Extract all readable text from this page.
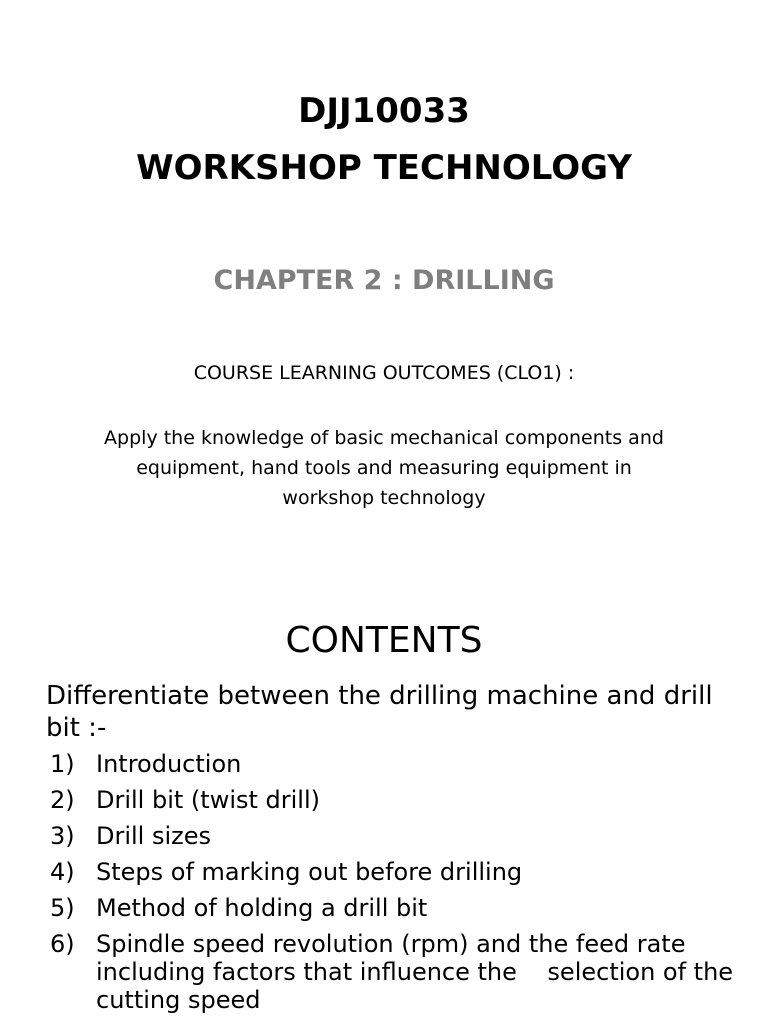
DJJ10033
WORKSHOP TECHNOLOGY
CHAPTER 2 : DRILLING
COURSE LEARNING OUTCOMES (CLO1) :
Apply the knowledge of basic mechanical components and equipment, hand tools and measuring equipment in workshop technology
CONTENTS
Differentiate between the drilling machine and drill bit :-
1) Introduction
2) Drill bit (twist drill)
3) Drill sizes
4) Steps of marking out before drilling
5) Method of holding a drill bit
6) Spindle speed revolution (rpm) and the feed rate including factors that influence the    selection of the cutting speed
